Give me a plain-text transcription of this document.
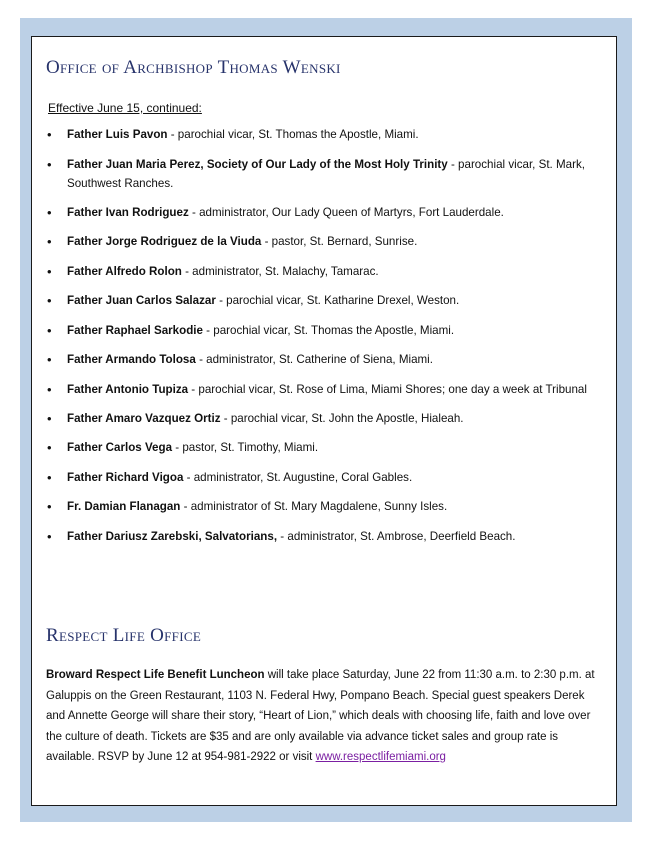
Office of Archbishop Thomas Wenski
Effective June 15, continued:
• Father Luis Pavon - parochial vicar, St. Thomas the Apostle, Miami.
• Father Juan Maria Perez, Society of Our Lady of the Most Holy Trinity - parochial vicar, St. Mark, Southwest Ranches.
• Father Ivan Rodriguez - administrator, Our Lady Queen of Martyrs, Fort Lauderdale.
• Father Jorge Rodriguez de la Viuda - pastor, St. Bernard, Sunrise.
• Father Alfredo Rolon - administrator, St. Malachy, Tamarac.
• Father Juan Carlos Salazar - parochial vicar, St. Katharine Drexel, Weston.
• Father Raphael Sarkodie - parochial vicar, St. Thomas the Apostle, Miami.
• Father Armando Tolosa - administrator, St. Catherine of Siena, Miami.
• Father Antonio Tupiza - parochial vicar, St. Rose of Lima, Miami Shores; one day a week at Tribunal
• Father Amaro Vazquez Ortiz - parochial vicar, St. John the Apostle, Hialeah.
• Father Carlos Vega - pastor, St. Timothy, Miami.
• Father Richard Vigoa - administrator, St. Augustine, Coral Gables.
• Fr. Damian Flanagan - administrator of St. Mary Magdalene, Sunny Isles.
• Father Dariusz Zarebski, Salvatorians, - administrator, St. Ambrose, Deerfield Beach.
Respect Life Office

Broward Respect Life Benefit Luncheon will take place Saturday, June 22 from 11:30 a.m. to 2:30 p.m. at Galuppis on the Green Restaurant, 1103 N. Federal Hwy, Pompano Beach. Special guest speakers Derek and Annette George will share their story, “Heart of Lion,” which deals with choosing life, faith and love over the culture of death. Tickets are $35 and are only available via advance ticket sales and group rate is available. RSVP by June 12 at 954-981-2922 or visit www.respectlifemiami.org
